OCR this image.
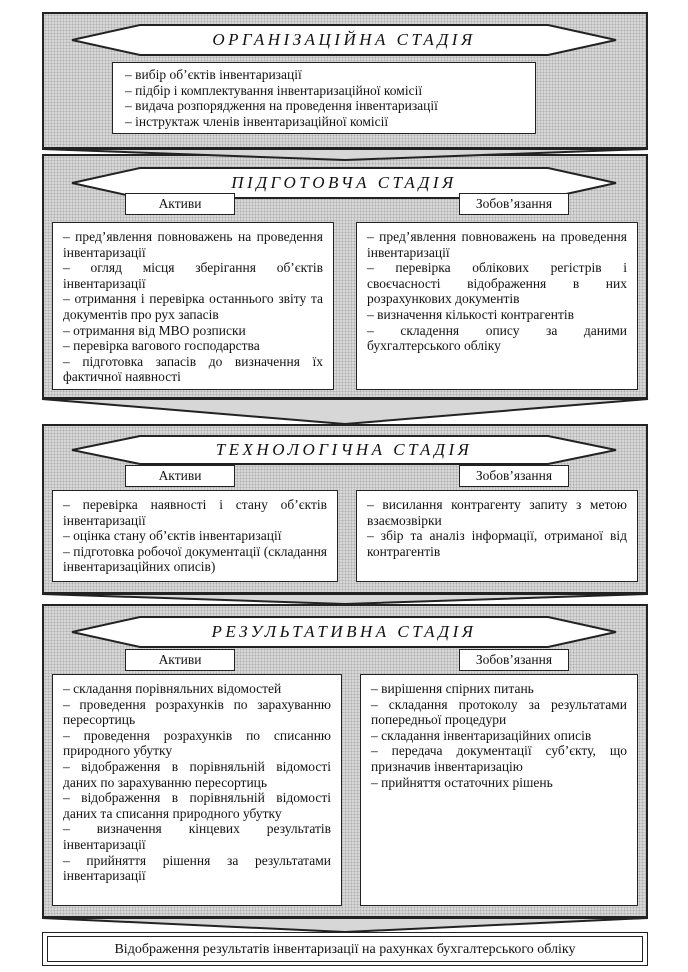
ОРГАНІЗАЦІЙНА СТАДІЯ
ПІДГОТОВЧА СТАДІЯ
ТЕХНОЛОГІЧНА СТАДІЯ
РЕЗУЛЬТАТИВНА СТАДІЯ
– вибір об’єктів інвентаризації
– підбір і комплектування інвентаризаційної комісії
– видача розпорядження на проведення інвентаризації
– інструктаж членів інвентаризаційної комісії
Активи	Зобов’язання
– пред’явлення повноважень на проведення інвентаризації
– огляд місця зберігання об’єктів інвентаризації
– отримання і перевірка останнього звіту та документів про рух запасів
– отримання від МВО розписки
– перевірка вагового господарства
– підготовка запасів до визначення їх фактичної наявності
– пред’явлення повноважень на проведення інвентаризації
– перевірка облікових регістрів і своєчасності відображення в них розрахункових документів
– визначення кількості контрагентів
– складення опису за даними бухгалтерського обліку
Активи	Зобов’язання
– перевірка наявності і стану об’єктів інвентаризації
– оцінка стану об’єктів інвентаризації
– підготовка робочої документації (складання інвентаризаційних описів)
– висилання контрагенту запиту з метою взаємозвірки
– збір та аналіз інформації, отриманої від контрагентів
Активи	Зобов’язання
– складання порівняльних відомостей
– проведення розрахунків по зарахуванню пересортиць
– проведення розрахунків по списанню природного убутку
– відображення в порівняльній відомості даних по зарахуванню пересортиць
– відображення в порівняльній відомості даних та списання природного убутку
– визначення кінцевих результатів інвентаризації
– прийняття рішення за результатами інвентаризації
– вирішення спірних питань
– складання протоколу за результатами попередньої процедури
– складання інвентаризаційних описів
– передача документації суб’єкту, що призначив інвентаризацію
– прийняття остаточних рішень
Відображення результатів інвентаризації на рахунках бухгалтерського обліку
